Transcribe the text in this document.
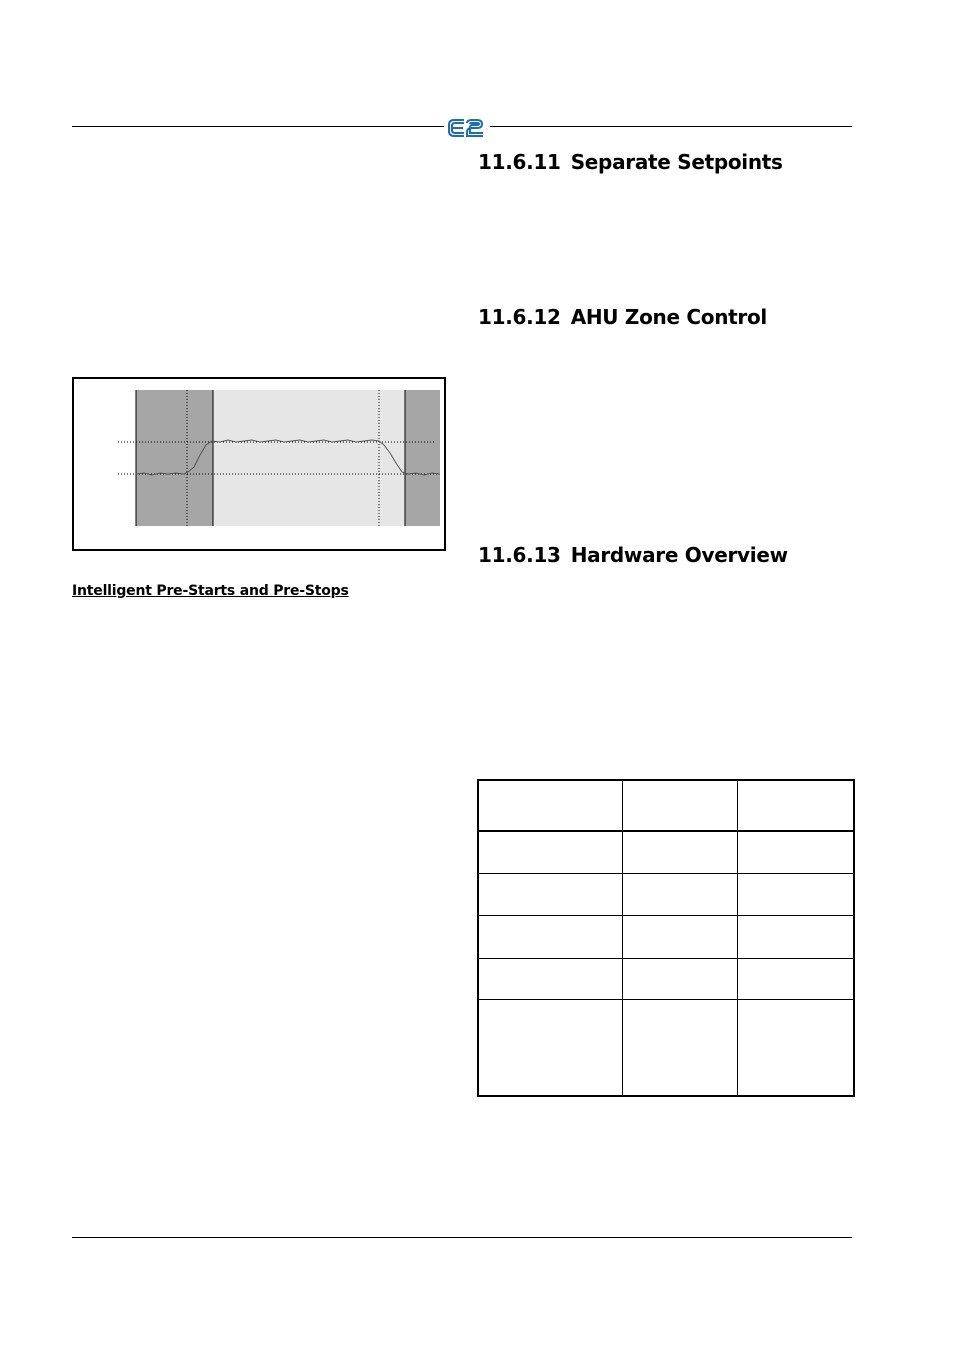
11.6.11 Separate Setpoints
11.6.12 AHU Zone Control
11.6.13 Hardware Overview
Intelligent Pre-Starts and Pre-Stops
